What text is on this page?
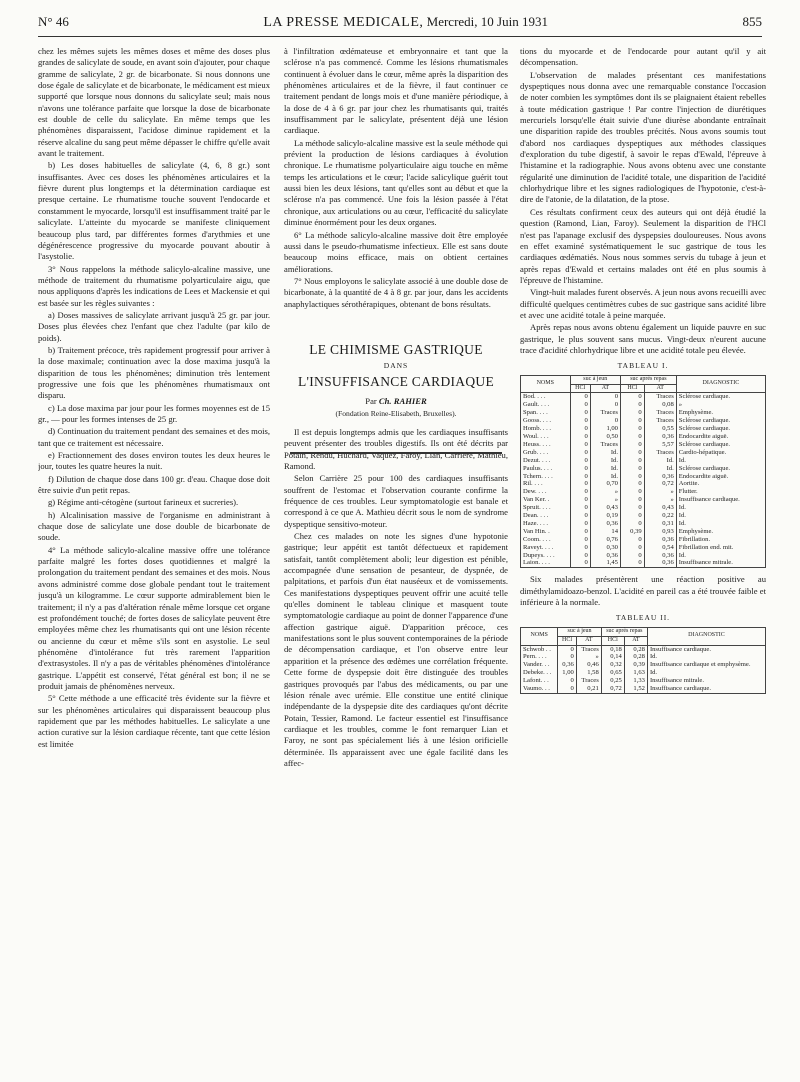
N° 46	LA PRESSE MEDICALE, Mercredi, 10 Juin 1931	855

chez les mêmes sujets les mêmes doses et même des doses plus grandes de salicylate de soude, en avant soin d'ajouter, pour chaque gramme de salicylate, 2 gr. de bicarbonate. Si nous donnons une dose égale de salicylate et de bicarbonate, le médicament est mieux supporté que lorsque nous donnons du salicylate seul; mais nous n'avons une tolérance parfaite que lorsque la dose de bicarbonate est double de celle du salicylate. En même temps que les phénomènes disparaissent, l'acidose diminue rapidement et la réserve alcaline du sang peut même dépasser le chiffre qu'elle avait avant le traitement.

b) Les doses habituelles de salicylate (4, 6, 8 gr.) sont insuffisantes. Avec ces doses les phénomènes articulaires et la fièvre durent plus longtemps et la détermination cardiaque est presque certaine. Le rhumatisme touche souvent l'endocarde et constamment le myocarde, lorsqu'il est insuffisamment traité par le salicylate. L'atteinte du myocarde se manifeste cliniquement beaucoup plus tard, par différentes formes d'arythmies et une dégénérescence progressive du myocarde pouvant aboutir à l'asystolie.

3° Nous rappelons la méthode salicylo-alcaline massive, une méthode de traitement du rhumatisme polyarticulaire aigu, que nous appliquons d'après les indications de Lees et Mackensie et qui est basée sur les règles suivantes :

a) Doses massives de salicylate arrivant jusqu'à 25 gr. par jour. Doses plus élevées chez l'enfant que chez l'adulte (par kilo de poids).

b) Traitement précoce, très rapidement progressif pour arriver à la dose maximale; continuation avec la dose maxima jusqu'à la disparition de tous les phénomènes; diminution très lentement progressive une fois que les phénomènes rhumatismaux ont disparu.

c) La dose maxima par jour pour les formes moyennes est de 15 gr., — pour les formes intenses de 25 gr.

d) Continuation du traitement pendant des semaines et des mois, tant que ce traitement est nécessaire.

e) Fractionnement des doses environ toutes les deux heures le jour, toutes les quatre heures la nuit.

f) Dilution de chaque dose dans 100 gr. d'eau. Chaque dose doit être suivie d'un petit repas.

g) Régime anti-cétogène (surtout farineux et sucreries).

h) Alcalinisation massive de l'organisme en administrant à chaque dose de salicylate une dose double de bicarbonate de soude.

4° La méthode salicylo-alcaline massive offre une tolérance parfaite malgré les fortes doses quotidiennes et malgré la prolongation du traitement pendant des semaines et des mois. Nous avons administré comme dose globale pendant tout le traitement jusqu'à un kilogramme. Le cœur supporte admirablement bien le traitement; il n'y a pas d'altération rénale même lorsque cet organe est profondément touché; de fortes doses de salicylate peuvent être employées même chez les rhumatisants qui ont une lésion récente ou ancienne du cœur et même s'ils sont en asystolie. Le seul phénomène d'intolérance fut très rarement l'apparition d'extrasystoles. Il n'y a pas de véritables phénomènes d'intolérance gastrique. L'appétit est conservé, l'état général est bon; il ne se produit jamais de phénomènes nerveux.

5° Cette méthode a une efficacité très évidente sur la fièvre et sur les phénomènes articulaires qui disparaissent beaucoup plus rapidement que par les méthodes habituelles. Le salicylate a une action curative sur la lésion cardiaque récente, tant que cette lésion est limitée

à l'infiltration œdémateuse et embryonnaire et tant que la sclérose n'a pas commencé. Comme les lésions rhumatismales continuent à évoluer dans le cœur, même après la disparition des phénomènes articulaires et de la fièvre, il faut continuer ce traitement pendant de longs mois et d'une manière périodique, à la dose de 4 à 6 gr. par jour chez les rhumatisants qui, traités insuffisamment par le salicylate, présentent déjà une lésion cardiaque.

La méthode salicylo-alcaline massive est la seule méthode qui prévient la production de lésions cardiaques à évolution chronique. Le rhumatisme polyarticulaire aigu touche en même temps les articulations et le cœur; l'acide salicylique guérit tout aussi bien les deux lésions, tant qu'elles sont au début et que la sclérose n'a pas commencé. Une fois la lésion passée à l'état chronique, aux articulations ou au cœur, l'efficacité du salicylate diminue énormément pour les deux organes.

6° La méthode salicylo-alcaline massive doit être employée aussi dans le pseudo-rhumatisme infectieux. Elle est sans doute beaucoup moins efficace, mais on obtient certaines améliorations.

7° Nous employons le salicylate associé à une double dose de bicarbonate, à la quantité de 4 à 8 gr. par jour, dans les accidents anaphylactiques sérothérapiques, obtenant de bons résultats.

LE CHIMISME GASTRIQUE
DANS
L'INSUFFISANCE CARDIAQUE
Par Ch. RAHIER
(Fondation Reine-Elisabeth, Bruxelles).

Il est depuis longtemps admis que les cardiaques insuffisants peuvent présenter des troubles digestifs. Ils ont été décrits par Potain, Rendu, Huchard, Vaquez, Faroy, Lian, Carrière, Mathieu, Ramond.

Selon Carrière 25 pour 100 des cardiaques insuffisants souffrent de l'estomac et l'observation courante confirme la fréquence de ces troubles. Leur symptomatologie est banale et correspond à ce que A. Mathieu décrit sous le nom de syndrome dyspeptique sensitivo-moteur.

Chez ces malades on note les signes d'une hypotonie gastrique; leur appétit est tantôt défectueux et rapidement satisfait, tantôt complètement aboli; leur digestion est pénible, accompagnée d'une sensation de pesanteur, de dyspnée, de palpitations, et parfois d'un état nauséeux et de vomissements. Ces manifestations dyspeptiques peuvent offrir une acuité telle qu'elles dominent le tableau clinique et masquent toute symptomatologie cardiaque au point de donner l'apparence d'une affection gastrique aiguë. D'apparition précoce, ces manifestations sont le plus souvent contemporaines de la période de décompensation cardiaque, et l'on observe entre leur apparition et la présence des œdèmes une corrélation fréquente. Cette forme de dyspepsie doit être distinguée des troubles gastriques provoqués par l'abus des médicaments, ou par une lésion rénale avec urémie. Elle constitue une entité clinique indépendante de la dyspepsie dite des cardiaques qu'ont décrite Potain, Tessier, Ramond. Le facteur essentiel est l'insuffisance cardiaque et les troubles, comme le font remarquer Lian et Faroy, ne sont pas spécialement liés à une lésion orificielle déterminée. Ils apparaissent avec une égale facilité dans les affec-

tions du myocarde et de l'endocarde pour autant qu'il y ait décompensation.

L'observation de malades présentant ces manifestations dyspeptiques nous donna avec une remarquable constance l'occasion de noter combien les symptômes dont ils se plaignaient étaient rebelles à toute médication gastrique ! Par contre l'injection de diurétiques mercuriels lorsqu'elle était suivie d'une diurèse abondante entraînait une disparition rapide des troubles précités. Nous avons soumis tout d'abord nos cardiaques dyspeptiques aux méthodes classiques d'exploration du tube digestif, à savoir le repas d'Ewald, l'épreuve à l'histamine et la radiographie. Nous avons obtenu avec une constante régularité une diminution de l'acidité totale, une disparition de l'acidité chlorhydrique libre et les signes radiologiques de l'hypotonie, c'est-à-dire de l'atonie, de la dilatation, de la ptose.

Ces résultats confirment ceux des auteurs qui ont déjà étudié la question (Ramond, Lian, Faroy). Seulement la disparition de l'HCl n'est pas l'apanage exclusif des dyspepsies douloureuses. Nous avons en effet examiné systématiquement le suc gastrique de tous les cardiaques œdématiés. Nous nous sommes servis du tubage à jeun et après repas d'Ewald et certains malades ont été en plus soumis à l'épreuve de l'histamine.

Vingt-huit malades furent observés. A jeun nous avons recueilli avec difficulté quelques centimètres cubes de suc gastrique sans acidité libre et avec une acidité totale à peine marquée.

Après repas nous avons obtenu également un liquide pauvre en suc gastrique, le plus souvent sans mucus. Vingt-deux n'eurent aucune trace d'acidité chlorhydrique libre et une acidité totale peu élevée.

TABLEAU I.
NOMS	suc à jeun		suc après repas		DIAGNOSTIC
	HCl	AT	HCl	AT	
Bod. . . .	0	0	0	Traces	Sclérose cardiaque.
Gault. . . .	0	0	0	0,08	»
Span. . . .	0	Traces	0	Traces	Emphysème.
Gooss. . . .	0	0	0	Traces	Sclérose cardiaque.
Homb. . . .	0	1,00	0	0,55	Sclérose cardiaque.
Woul. . . .	0	0,50	0	0,36	Endocardite aiguë.
Heuss. . . .	0	Traces	0	5,57	Sclérose cardiaque.
Grub. . . .	0	Id.	0	Traces	Cardio-hépatique.
Dezut. . . .	0	Id.	0	Id.	Id.
Paulus. . . .	0	Id.	0	Id.	Sclérose cardiaque.
Tchern. . . .	0	Id.	0	0,36	Endocardite aiguë.
Ril. . . .	0	0,70	0	0,72	Aortite.
Dew. . . .	0	»	0	»	Flutter.
Van Ker. .	0	»	0	»	Insuffisance cardiaque.
Spruit. . . .	0	0,43	0	0,43	Id.
Dean. . . .	0	0,19	0	0,22	Id.
Haze. . . .	0	0,36	0	0,31	Id.
Van Hin. .	0	14	0,39	0,93	Emphysème.
Coom. . . .	0	0,76	0	0,36	Fibrillation.
Raveyt. . . .	0	0,30	0	0,54	Fibrillation end. mit.
Dupeys. . . .	0	0,36	0	0,36	Id.
Laion. . . .	0	1,45	0	0,36	Insuffisance mitrale.

Six malades présentèrent une réaction positive au diméthylamidoazo-benzol. L'acidité en pareil cas a été trouvée faible et inférieure à la normale.

TABLEAU II.
NOMS	suc à jeun		suc après repas		DIAGNOSTIC
	HCl	AT	HCl	AT	
Schwob . .	0	Traces	0,18	0,28	Insuffisance cardiaque.
Pern. . . .	0	»	0,14	0,28	Id.
Vander. . .	0,36	0,46	0,32	0,39	Insuffisance cardiaque et emphysème.
Debeke. . .	1,00	1,58	0,65	1,63	Id.
Lafont. . .	0	Traces	0,25	1,33	Insuffisance mitrale.
Vaumo. . .	0	0,21	0,72	1,52	Insuffisance cardiaque.
